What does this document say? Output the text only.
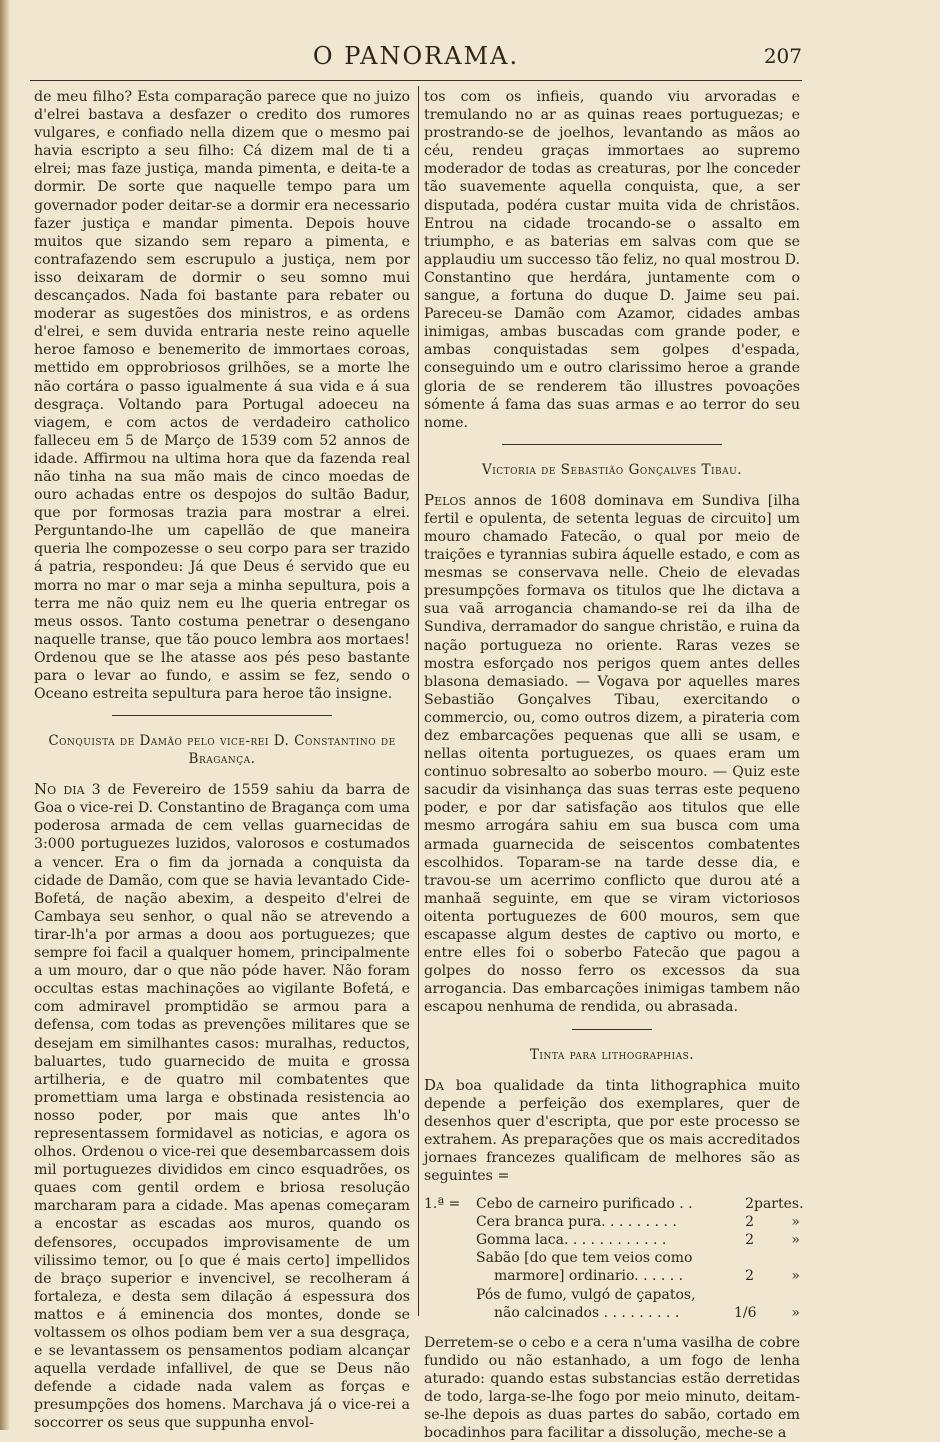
O PANORAMA.	207

de meu filho? Esta comparação parece que no juizo d'elrei bastava a desfazer o credito dos rumores vulgares, e confiado nella dizem que o mesmo pai havia escripto a seu filho: Cá dizem mal de ti a elrei; mas faze justiça, manda pimenta, e deita-te a dormir. De sorte que naquelle tempo para um governador poder deitar-se a dormir era necessario fazer justiça e mandar pimenta. Depois houve muitos que sizando sem reparo a pimenta, e contrafazendo sem escrupulo a justiça, nem por isso deixaram de dormir o seu somno mui descançados. Nada foi bastante para rebater ou moderar as sugestões dos ministros, e as ordens d'elrei, e sem duvida entraria neste reino aquelle heroe famoso e benemerito de immortaes coroas, mettido em opprobriosos grilhões, se a morte lhe não cortára o passo igualmente á sua vida e á sua desgraça. Voltando para Portugal adoeceu na viagem, e com actos de verdadeiro catholico falleceu em 5 de Março de 1539 com 52 annos de idade. Affirmou na ultima hora que da fazenda real não tinha na sua mão mais de cinco moedas de ouro achadas entre os despojos do sultão Badur, que por formosas trazia para mostrar a elrei. Perguntando-lhe um capellão de que maneira queria lhe compozesse o seu corpo para ser trazido á patria, respondeu: Já que Deus é servido que eu morra no mar o mar seja a minha sepultura, pois a terra me não quiz nem eu lhe queria entregar os meus ossos. Tanto costuma penetrar o desengano naquelle transe, que tão pouco lembra aos mortaes! Ordenou que se lhe atasse aos pés peso bastante para o levar ao fundo, e assim se fez, sendo o Oceano estreita sepultura para heroe tão insigne.

Conquista de Damão pelo vice-rei D. Constantino de Bragança.

No dia 3 de Fevereiro de 1559 sahiu da barra de Goa o vice-rei D. Constantino de Bragança com uma poderosa armada de cem vellas guarnecidas de 3:000 portuguezes luzidos, valorosos e costumados a vencer. Era o fim da jornada a conquista da cidade de Damão, com que se havia levantado Cide-Bofetá, de nação abexim, a despeito d'elrei de Cambaya seu senhor, o qual não se atrevendo a tirar-lh'a por armas a doou aos portuguezes; que sempre foi facil a qualquer homem, principalmente a um mouro, dar o que não póde haver. Não foram occultas estas machinações ao vigilante Bofetá, e com admiravel promptidão se armou para a defensa, com todas as prevenções militares que se desejam em similhantes casos: muralhas, reductos, baluartes, tudo guarnecido de muita e grossa artilheria, e de quatro mil combatentes que promettiam uma larga e obstinada resistencia ao nosso poder, por mais que antes lh'o representassem formidavel as noticias, e agora os olhos. Ordenou o vice-rei que desembarcassem dois mil portuguezes divididos em cinco esquadrões, os quaes com gentil ordem e briosa resolução marcharam para a cidade. Mas apenas começaram a encostar as escadas aos muros, quando os defensores, occupados improvisamente de um vilissimo temor, ou [o que é mais certo] impellidos de braço superior e invencivel, se recolheram á fortaleza, e desta sem dilação á espessura dos mattos e á eminencia dos montes, donde se voltassem os olhos podiam bem ver a sua desgraça, e se levantassem os pensamentos podiam alcançar aquella verdade infallivel, de que se Deus não defende a cidade nada valem as forças e presumpções dos homens. Marchava já o vice-rei a soccorrer os seus que suppunha envol-

tos com os infieis, quando viu arvoradas e tremulando no ar as quinas reaes portuguezas; e prostrando-se de joelhos, levantando as mãos ao céu, rendeu graças immortaes ao supremo moderador de todas as creaturas, por lhe conceder tão suavemente aquella conquista, que, a ser disputada, podéra custar muita vida de christãos. Entrou na cidade trocando-se o assalto em triumpho, e as baterias em salvas com que se applaudiu um successo tão feliz, no qual mostrou D. Constantino que herdára, juntamente com o sangue, a fortuna do duque D. Jaime seu pai. Pareceu-se Damão com Azamor, cidades ambas inimigas, ambas buscadas com grande poder, e ambas conquistadas sem golpes d'espada, conseguindo um e outro clarissimo heroe a grande gloria de se renderem tão illustres povoações sómente á fama das suas armas e ao terror do seu nome.

Victoria de Sebastião Gonçalves Tibau.

Pelos annos de 1608 dominava em Sundiva [ilha fertil e opulenta, de setenta leguas de circuito] um mouro chamado Fatecão, o qual por meio de traições e tyrannias subira áquelle estado, e com as mesmas se conservava nelle. Cheio de elevadas presumpções formava os titulos que lhe dictava a sua vaã arrogancia chamando-se rei da ilha de Sundiva, derramador do sangue christão, e ruina da nação portugueza no oriente. Raras vezes se mostra esforçado nos perigos quem antes delles blasona demasiado. — Vogava por aquelles mares Sebastião Gonçalves Tibau, exercitando o commercio, ou, como outros dizem, a pirateria com dez embarcações pequenas que alli se usam, e nellas oitenta portuguezes, os quaes eram um continuo sobresalto ao soberbo mouro. — Quiz este sacudir da visinhança das suas terras este pequeno poder, e por dar satisfação aos titulos que elle mesmo arrogára sahiu em sua busca com uma armada guarnecida de seiscentos combatentes escolhidos. Toparam-se na tarde desse dia, e travou-se um acerrimo conflicto que durou até a manhaã seguinte, em que se viram victoriosos oitenta portuguezes de 600 mouros, sem que escapasse algum destes de captivo ou morto, e entre elles foi o soberbo Fatecão que pagou a golpes do nosso ferro os excessos da sua arrogancia. Das embarcações inimigas tambem não escapou nenhuma de rendida, ou abrasada.

Tinta para lithographias.

Da boa qualidade da tinta lithographica muito depende a perfeição dos exemplares, quer de desenhos quer d'escripta, que por este processo se extrahem. As preparações que os mais accreditados jornaes francezes qualificam de melhores são as seguintes =

1.ª =	Cebo de carneiro purificado . .	2 partes.
Cera branca pura. . . . . . . . .	2	»
Gomma laca. . . . . . . . . . . .	2	»
Sabão [do que tem veios como
marmore] ordinario. . . . . .	2	»
Pós de fumo, vulgó de çapatos,
não calcinados . . . . . . . . .	1/6	»

Derretem-se o cebo e a cera n'uma vasilha de cobre fundido ou não estanhado, a um fogo de lenha aturado: quando estas substancias estão derretidas de todo, larga-se-lhe fogo por meio minuto, deitam-se-lhe depois as duas partes do sabão, cortado em bocadinhos para facilitar a dissolução, meche-se a
